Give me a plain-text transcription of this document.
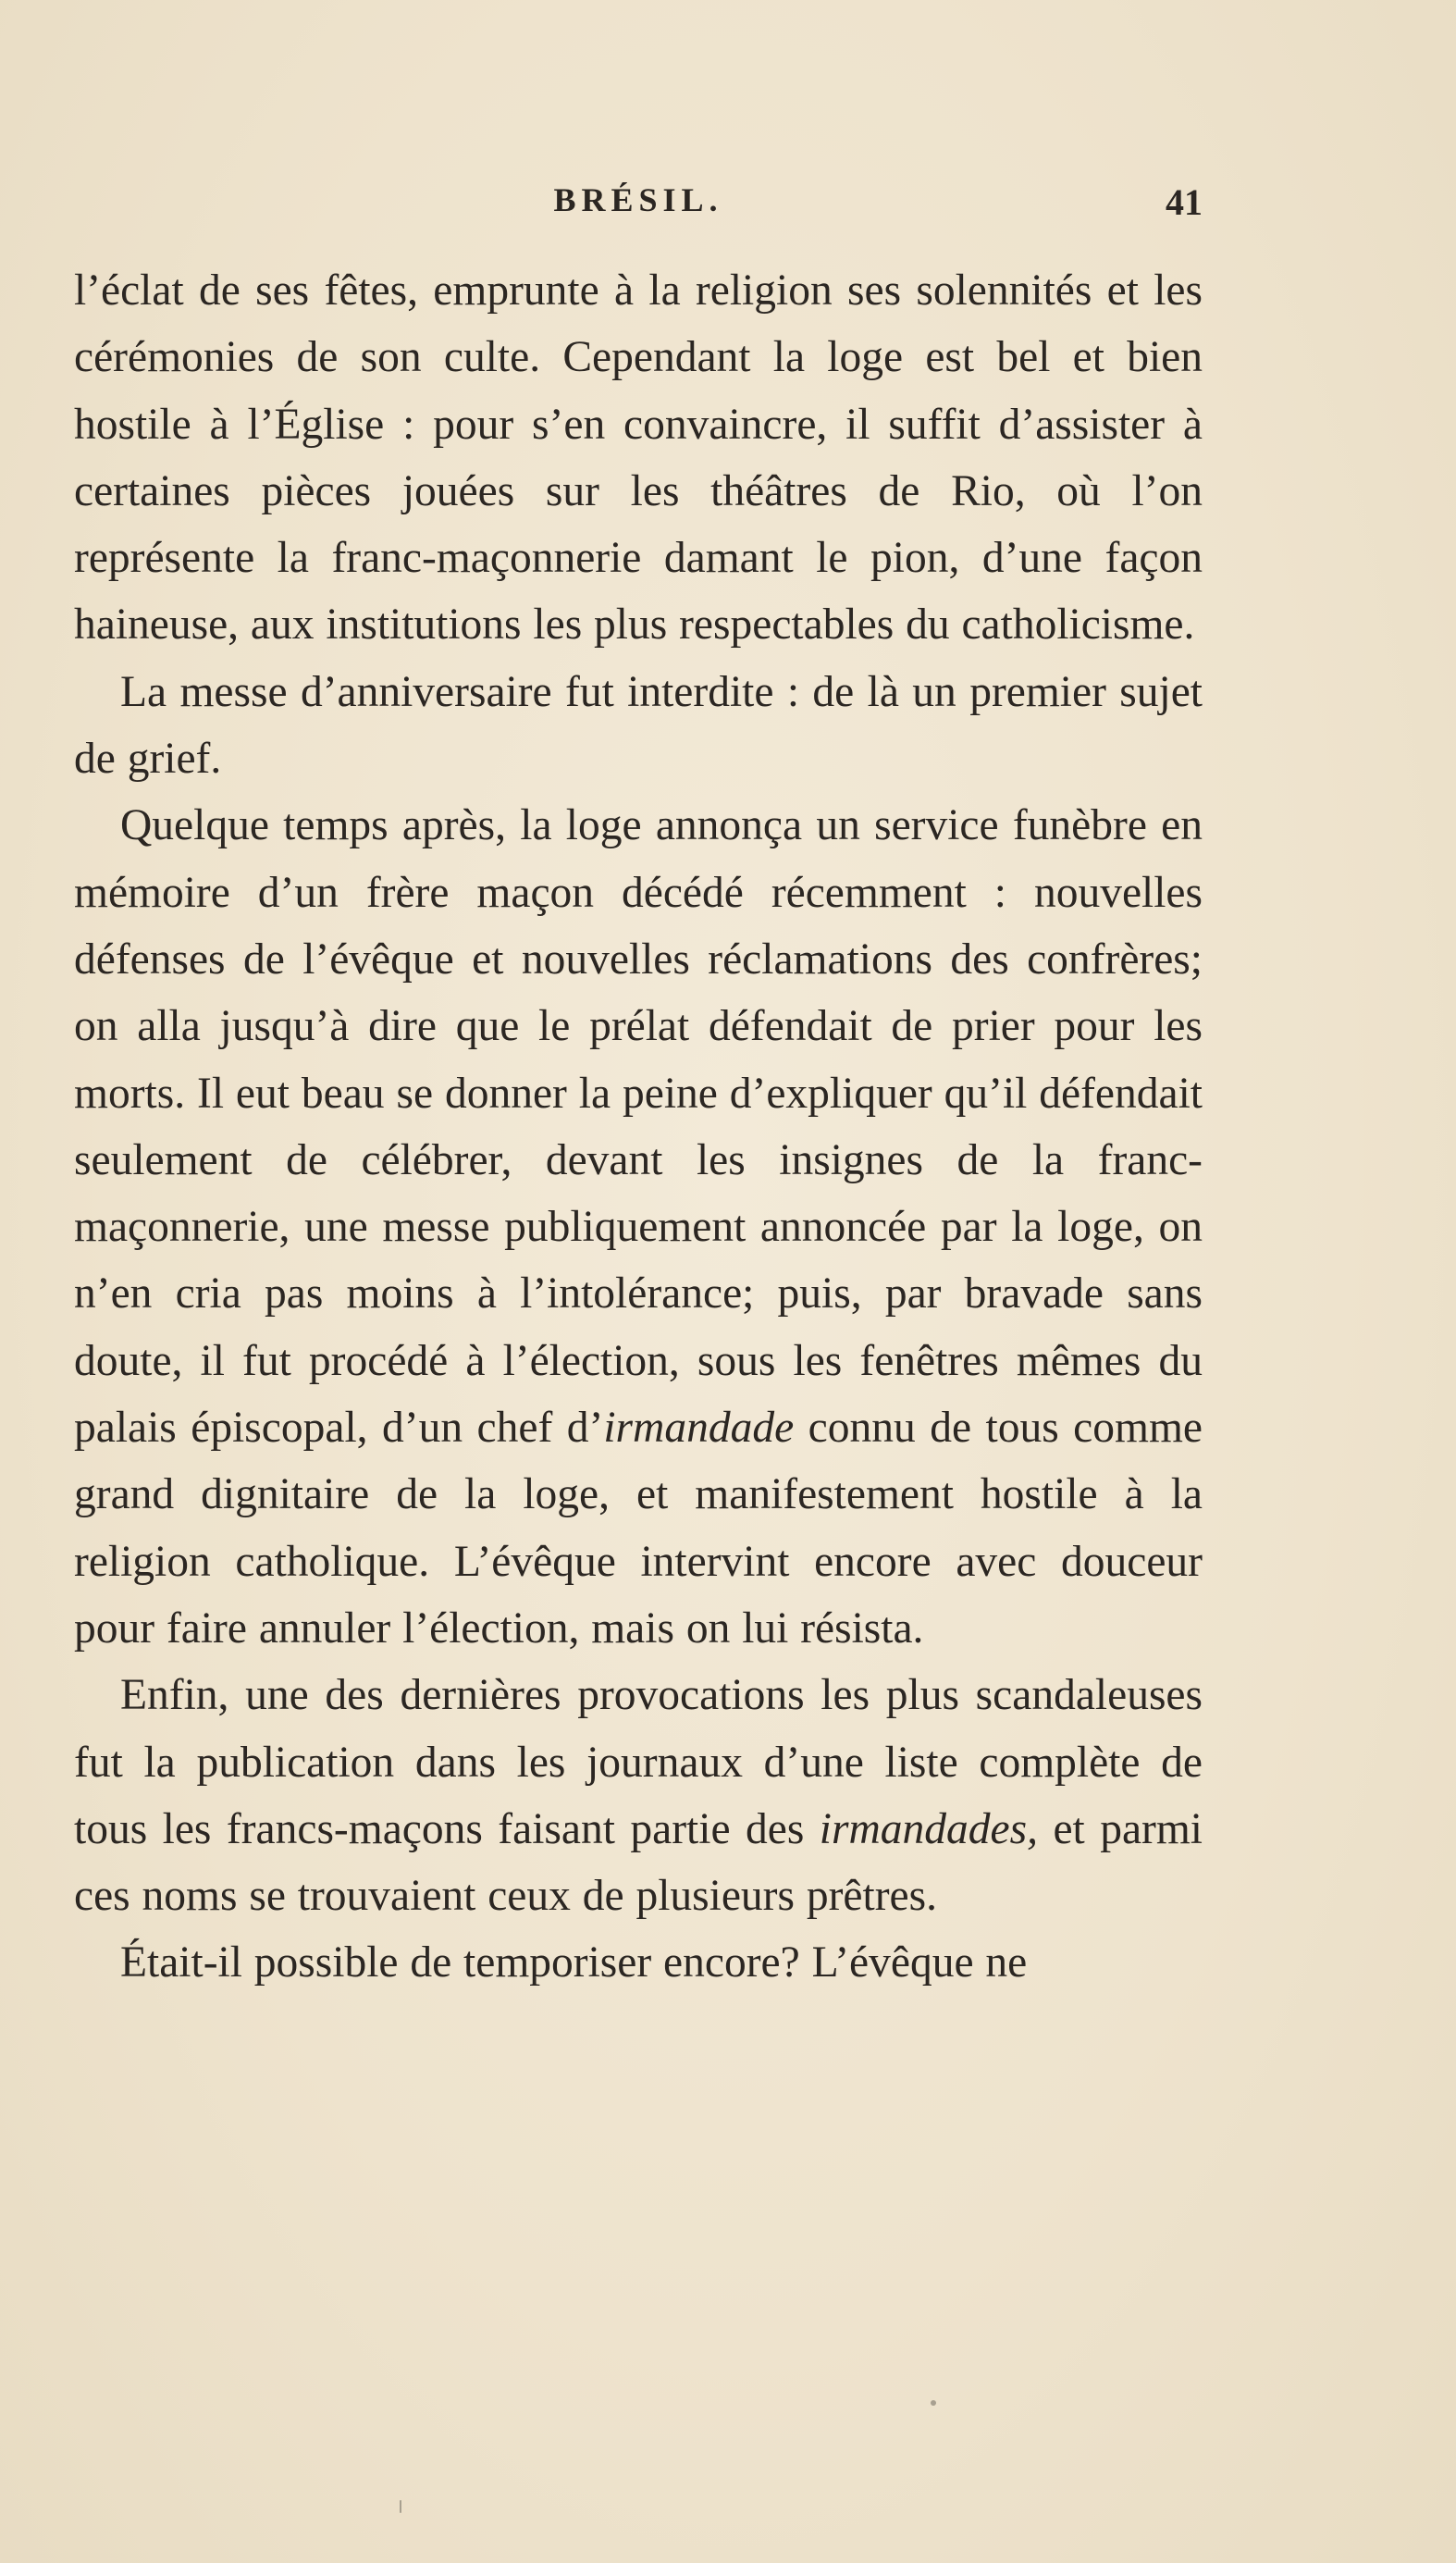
BRÉSIL.	41

l’éclat de ses fêtes, emprunte à la religion ses solennités et les cérémonies de son culte. Cependant la loge est bel et bien hostile à l’Église : pour s’en convaincre, il suffit d’assister à certaines pièces jouées sur les théâtres de Rio, où l’on représente la franc-maçonnerie damant le pion, d’une façon haineuse, aux institutions les plus respectables du catholicisme.

La messe d’anniversaire fut interdite : de là un premier sujet de grief.

Quelque temps après, la loge annonça un service funèbre en mémoire d’un frère maçon décédé récemment : nouvelles défenses de l’évêque et nouvelles réclamations des confrères; on alla jusqu’à dire que le prélat défendait de prier pour les morts. Il eut beau se donner la peine d’expliquer qu’il défendait seulement de célébrer, devant les insignes de la franc-maçonnerie, une messe publiquement annoncée par la loge, on n’en cria pas moins à l’intolérance; puis, par bravade sans doute, il fut procédé à l’élection, sous les fenêtres mêmes du palais épiscopal, d’un chef d’irmandade connu de tous comme grand dignitaire de la loge, et manifestement hostile à la religion catholique. L’évêque intervint encore avec douceur pour faire annuler l’élection, mais on lui résista.

Enfin, une des dernières provocations les plus scandaleuses fut la publication dans les journaux d’une liste complète de tous les francs-maçons faisant partie des irmandades, et parmi ces noms se trouvaient ceux de plusieurs prêtres.

Était-il possible de temporiser encore? L’évêque ne
